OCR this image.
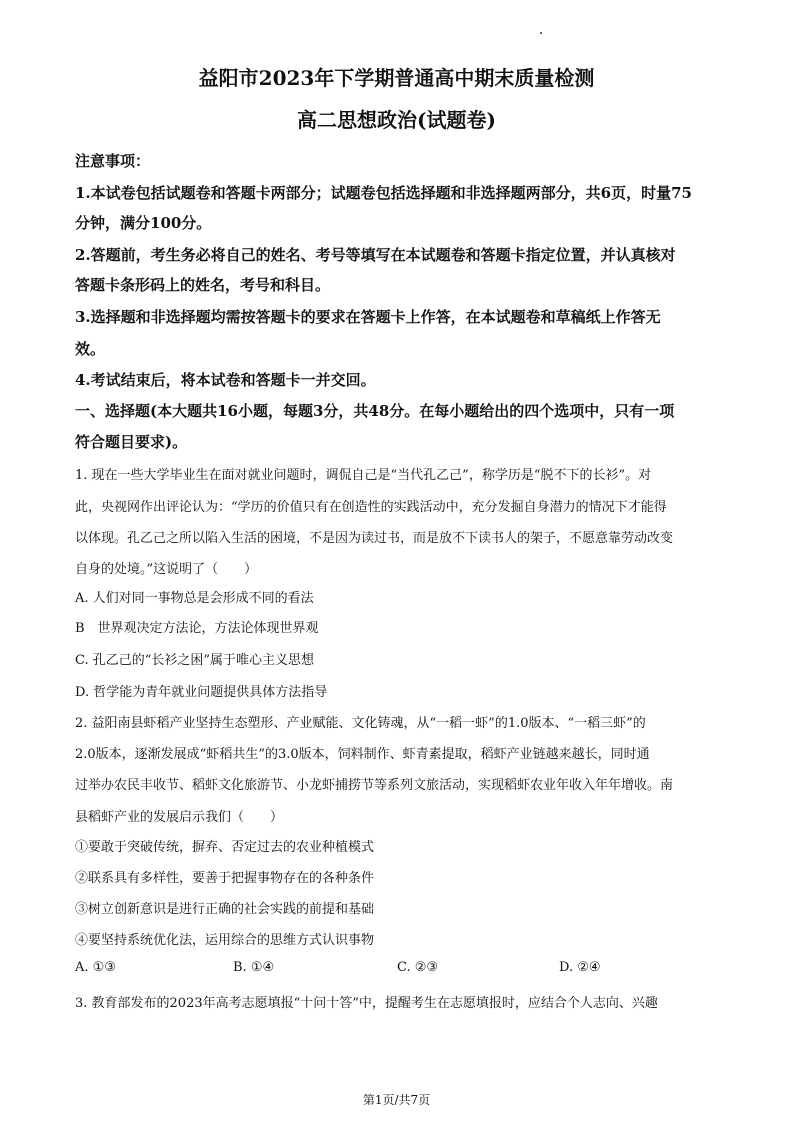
益阳市2023年下学期普通高中期末质量检测
高二思想政治(试题卷)
注意事项：
1.本试卷包括试题卷和答题卡两部分；试题卷包括选择题和非选择题两部分，共6页，时量75
分钟，满分100分。
2.答题前，考生务必将自己的姓名、考号等填写在本试题卷和答题卡指定位置，并认真核对
答题卡条形码上的姓名，考号和科目。
3.选择题和非选择题均需按答题卡的要求在答题卡上作答，在本试题卷和草稿纸上作答无
效。
4.考试结束后，将本试卷和答题卡一并交回。
一、选择题(本大题共16小题，每题3分，共48分。在每小题给出的四个选项中，只有一项
符合题目要求)。
1. 现在一些大学毕业生在面对就业问题时，调侃自己是“当代孔乙己”，称学历是“脱不下的长衫”。对
此，央视网作出评论认为：“学历的价值只有在创造性的实践活动中，充分发掘自身潜力的情况下才能得
以体现。孔乙己之所以陷入生活的困境，不是因为读过书，而是放不下读书人的架子，不愿意靠劳动改变
自身的处境。”这说明了（　　）
A. 人们对同一事物总是会形成不同的看法
B　世界观决定方法论，方法论体现世界观
C. 孔乙己的“长衫之困”属于唯心主义思想
D. 哲学能为青年就业问题提供具体方法指导
2. 益阳南县虾稻产业坚持生态塑形、产业赋能、文化铸魂，从“一稻一虾”的1.0版本、“一稻三虾”的
2.0版本，逐渐发展成“虾稻共生”的3.0版本，饲料制作、虾青素提取，稻虾产业链越来越长，同时通
过举办农民丰收节、稻虾文化旅游节、小龙虾捕捞节等系列文旅活动，实现稻虾农业年收入年年增收。南
县稻虾产业的发展启示我们（　　）
①要敢于突破传统，摒弃、否定过去的农业种植模式
②联系具有多样性，要善于把握事物存在的各种条件
③树立创新意识是进行正确的社会实践的前提和基础
④要坚持系统优化法，运用综合的思维方式认识事物
A. ①③	B. ①④	C. ②③	D. ②④
3. 教育部发布的2023年高考志愿填报“十问十答”中，提醒考生在志愿填报时，应结合个人志向、兴趣
第1页/共7页
